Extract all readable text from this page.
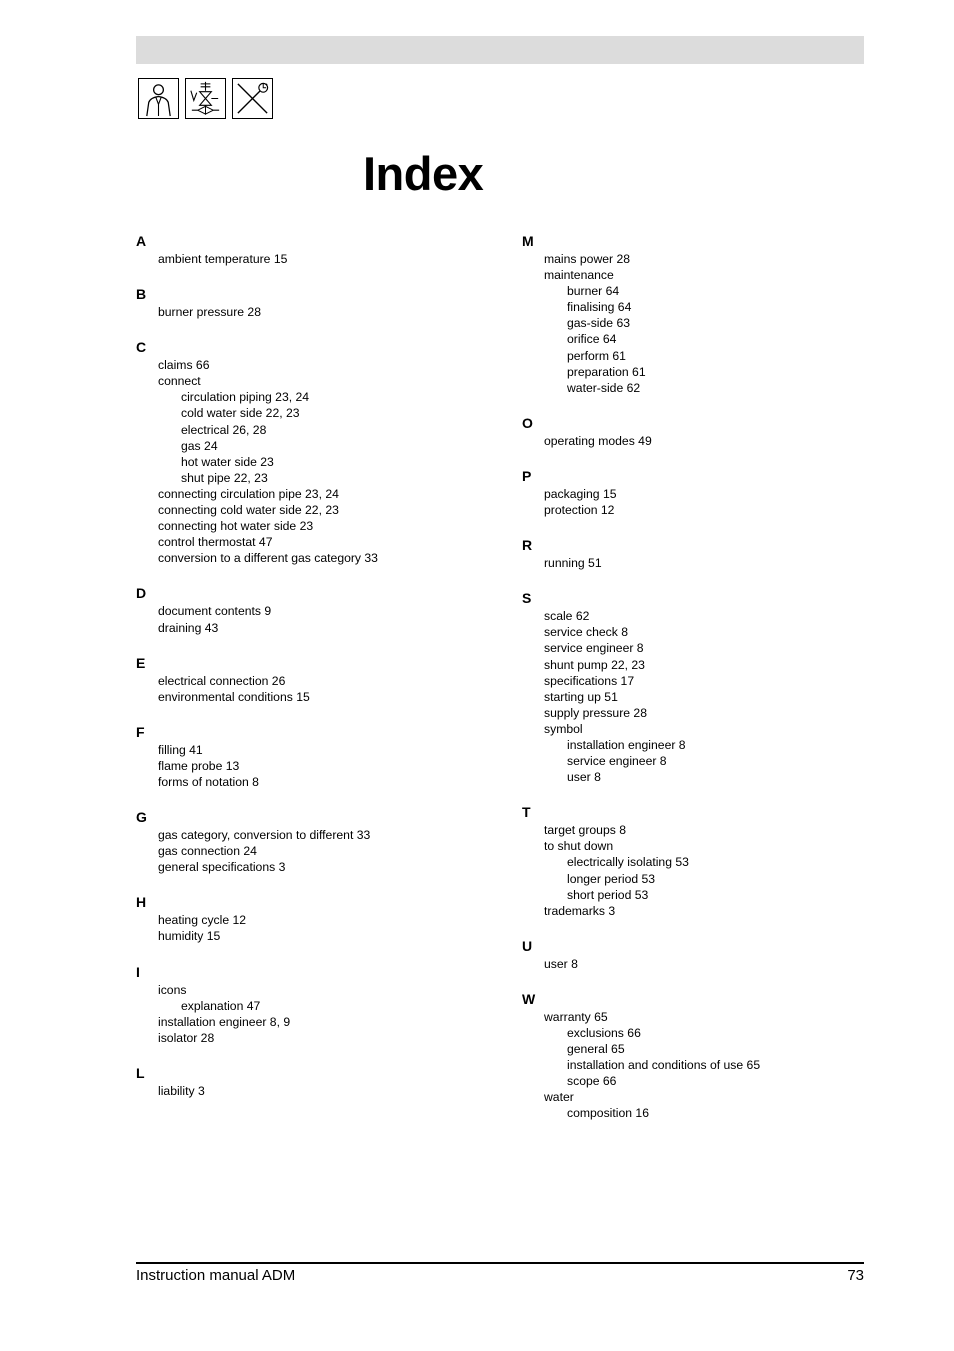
Index
A
ambient temperature 15
B
burner pressure 28
C
claims 66
connect
circulation piping 23, 24
cold water side 22, 23
electrical 26, 28
gas 24
hot water side 23
shut pipe 22, 23
connecting circulation pipe 23, 24
connecting cold water side 22, 23
connecting hot water side 23
control thermostat 47
conversion to a different gas category 33
D
document contents 9
draining 43
E
electrical connection 26
environmental conditions 15
F
filling 41
flame probe 13
forms of notation 8
G
gas category, conversion to different 33
gas connection 24
general specifications 3
H
heating cycle 12
humidity 15
I
icons
explanation 47
installation engineer 8, 9
isolator 28
L
liability 3
M
mains power 28
maintenance
burner 64
finalising 64
gas-side 63
orifice 64
perform 61
preparation 61
water-side 62
O
operating modes 49
P
packaging 15
protection 12
R
running 51
S
scale 62
service check 8
service engineer 8
shunt pump 22, 23
specifications 17
starting up 51
supply pressure 28
symbol
installation engineer 8
service engineer 8
user 8
T
target groups 8
to shut down
electrically isolating 53
longer period 53
short period 53
trademarks 3
U
user 8
W
warranty 65
exclusions 66
general 65
installation and conditions of use 65
scope 66
water
composition 16
Instruction manual ADM	73
